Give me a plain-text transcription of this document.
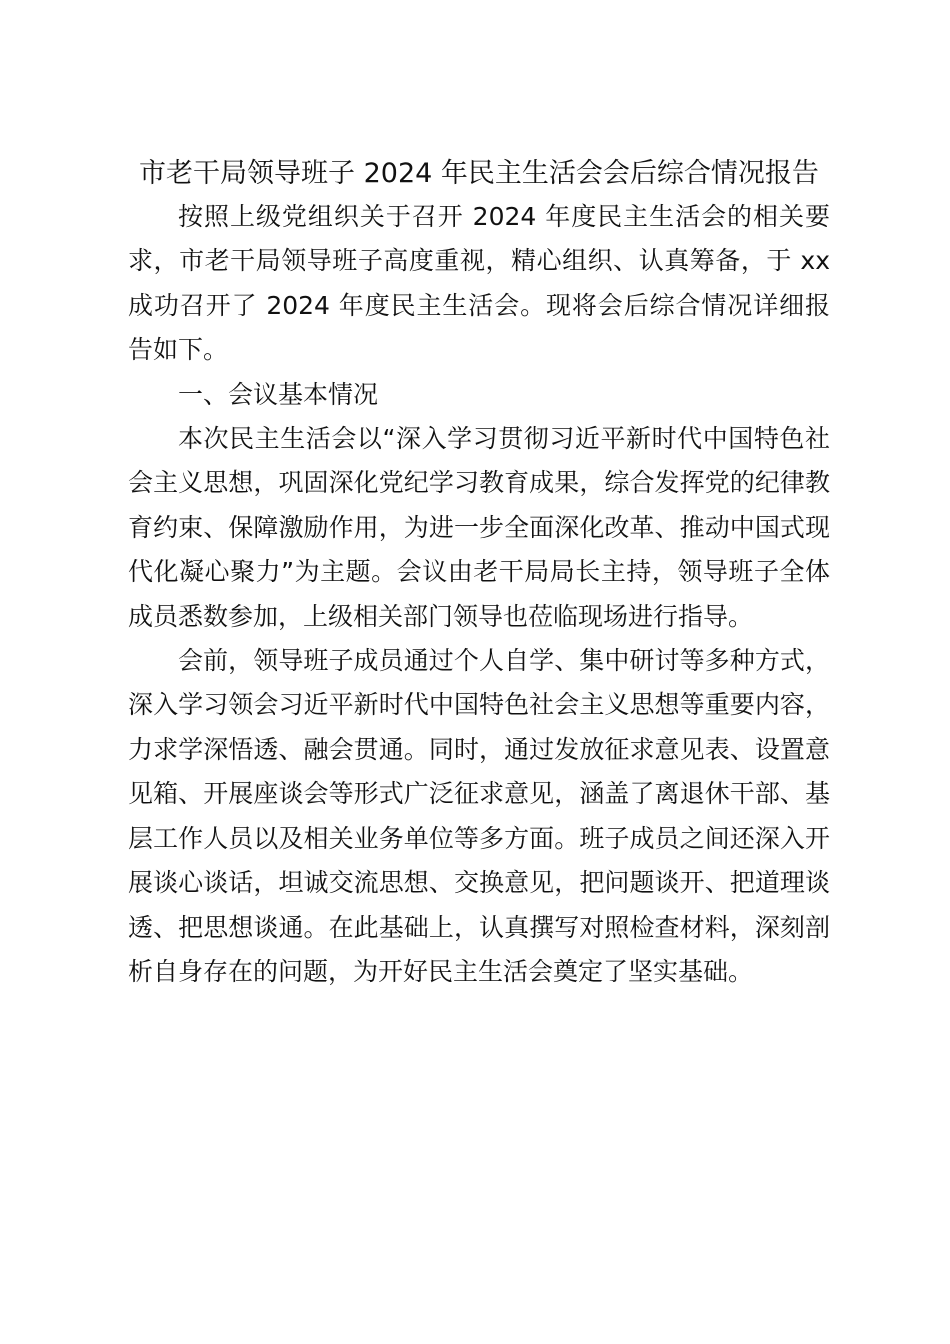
市老干局领导班子 2024 年民主生活会会后综合情况报告

按照上级党组织关于召开 2024 年度民主生活会的相关要求，市老干局领导班子高度重视，精心组织、认真筹备，于 xx 成功召开了 2024 年度民主生活会。现将会后综合情况详细报告如下。

一、会议基本情况

本次民主生活会以“深入学习贯彻习近平新时代中国特色社会主义思想，巩固深化党纪学习教育成果，综合发挥党的纪律教育约束、保障激励作用，为进一步全面深化改革、推动中国式现代化凝心聚力”为主题。会议由老干局局长主持，领导班子全体成员悉数参加，上级相关部门领导也莅临现场进行指导。

会前，领导班子成员通过个人自学、集中研讨等多种方式，深入学习领会习近平新时代中国特色社会主义思想等重要内容，力求学深悟透、融会贯通。同时，通过发放征求意见表、设置意见箱、开展座谈会等形式广泛征求意见，涵盖了离退休干部、基层工作人员以及相关业务单位等多方面。班子成员之间还深入开展谈心谈话，坦诚交流思想、交换意见，把问题谈开、把道理谈透、把思想谈通。在此基础上，认真撰写对照检查材料，深刻剖析自身存在的问题，为开好民主生活会奠定了坚实基础。
